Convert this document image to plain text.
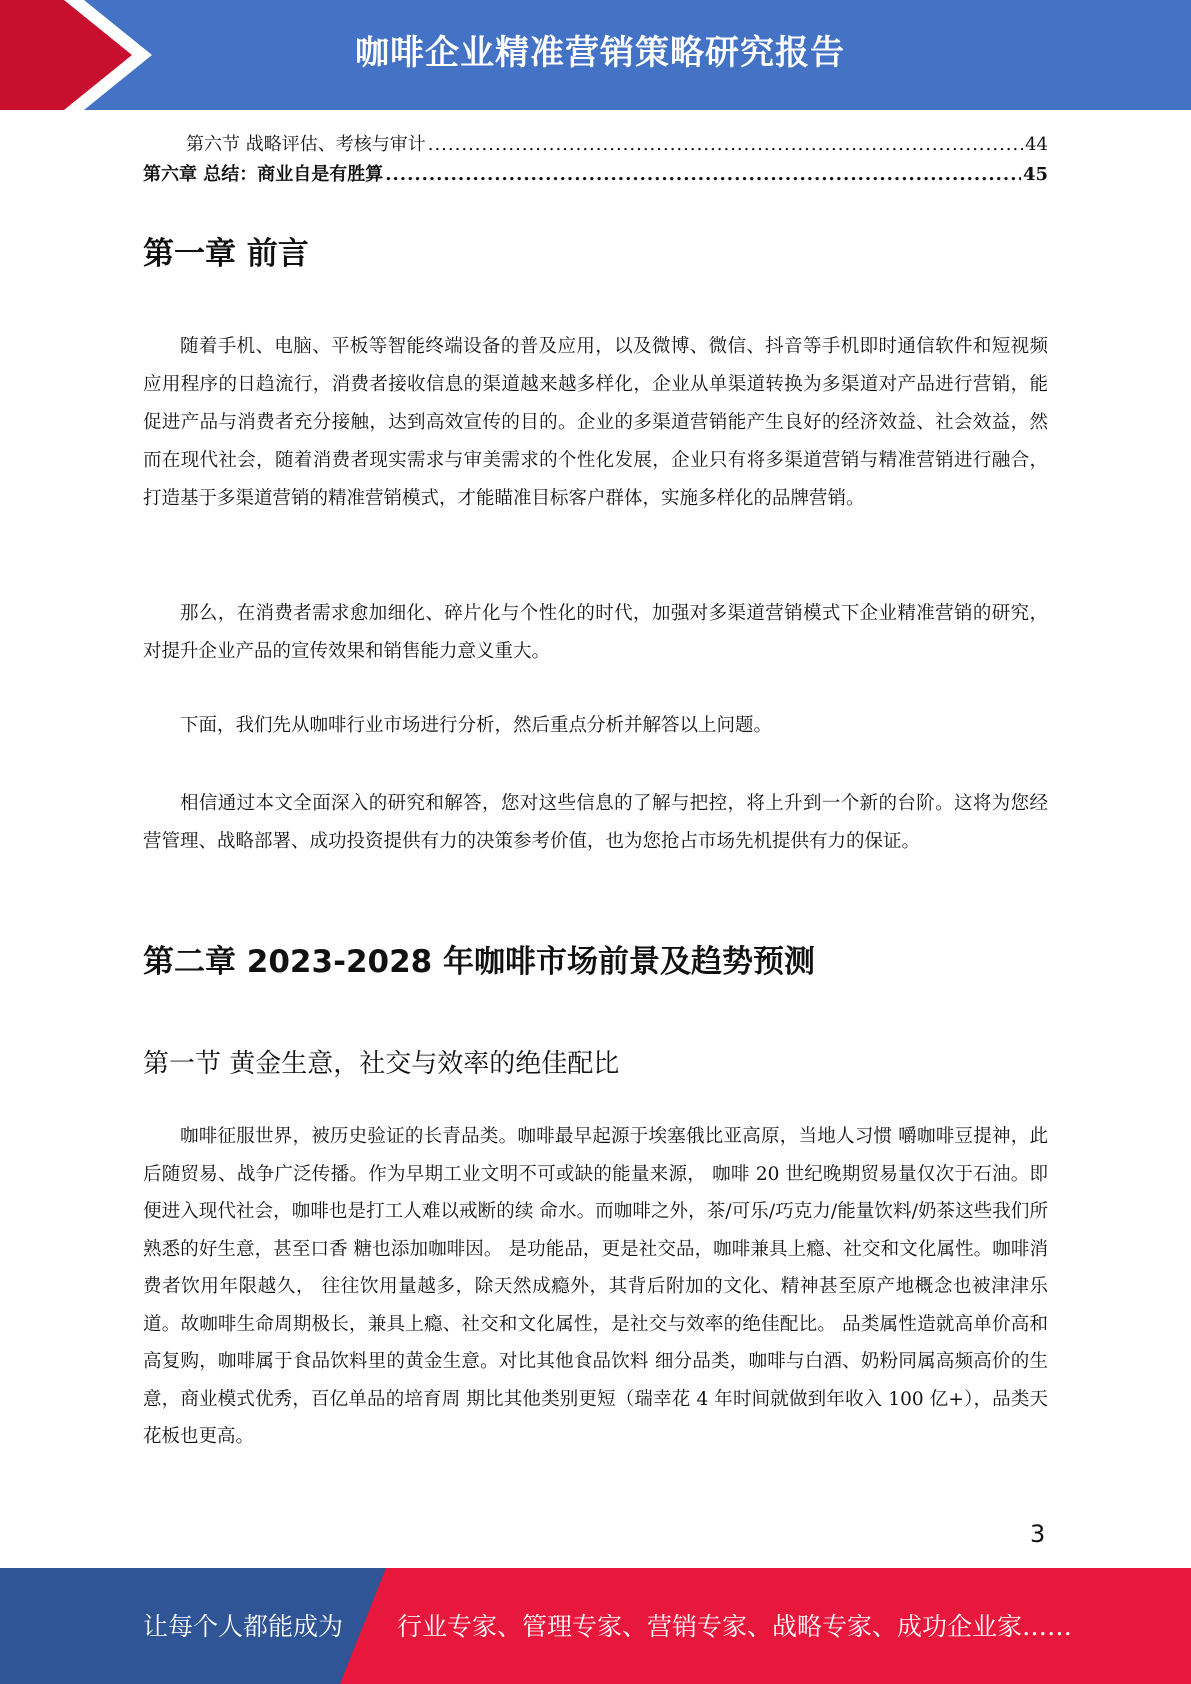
咖啡企业精准营销策略研究报告
第六节 战略评估、考核与审计 .....	44
第六章 总结：商业自是有胜算 .....	45
第一章 前言

随着手机、电脑、平板等智能终端设备的普及应用，以及微博、微信、抖音等手机即时通信软件和短视频应用程序的日趋流行，消费者接收信息的渠道越来越多样化，企业从单渠道转换为多渠道对产品进行营销，能促进产品与消费者充分接触，达到高效宣传的目的。企业的多渠道营销能产生良好的经济效益、社会效益，然而在现代社会，随着消费者现实需求与审美需求的个性化发展，企业只有将多渠道营销与精准营销进行融合，打造基于多渠道营销的精准营销模式，才能瞄准目标客户群体，实施多样化的品牌营销。

那么，在消费者需求愈加细化、碎片化与个性化的时代，加强对多渠道营销模式下企业精准营销的研究，对提升企业产品的宣传效果和销售能力意义重大。

下面，我们先从咖啡行业市场进行分析，然后重点分析并解答以上问题。

相信通过本文全面深入的研究和解答，您对这些信息的了解与把控，将上升到一个新的台阶。这将为您经营管理、战略部署、成功投资提供有力的决策参考价值，也为您抢占市场先机提供有力的保证。

第二章 2023-2028 年咖啡市场前景及趋势预测
第一节 黄金生意，社交与效率的绝佳配比

咖啡征服世界，被历史验证的长青品类。咖啡最早起源于埃塞俄比亚高原，当地人习惯 嚼咖啡豆提神，此后随贸易、战争广泛传播。作为早期工业文明不可或缺的能量来源， 咖啡 20 世纪晚期贸易量仅次于石油。即便进入现代社会，咖啡也是打工人难以戒断的续 命水。而咖啡之外，茶/可乐/巧克力/能量饮料/奶茶这些我们所熟悉的好生意，甚至口香 糖也添加咖啡因。 是功能品，更是社交品，咖啡兼具上瘾、社交和文化属性。咖啡消费者饮用年限越久， 往往饮用量越多，除天然成瘾外，其背后附加的文化、精神甚至原产地概念也被津津乐 道。故咖啡生命周期极长，兼具上瘾、社交和文化属性，是社交与效率的绝佳配比。 品类属性造就高单价高和高复购，咖啡属于食品饮料里的黄金生意。对比其他食品饮料 细分品类，咖啡与白酒、奶粉同属高频高价的生意，商业模式优秀，百亿单品的培育周 期比其他类别更短（瑞幸花 4 年时间就做到年收入 100 亿+），品类天花板也更高。

3
让每个人都能成为 行业专家、管理专家、营销专家、战略专家、成功企业家……
